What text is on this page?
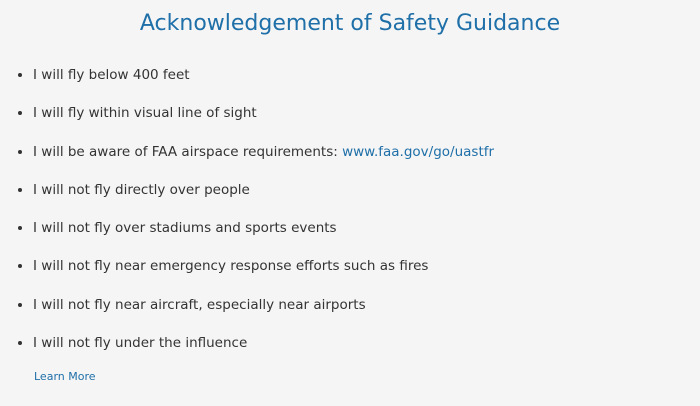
Acknowledgement of Safety Guidance
I will fly below 400 feet
I will fly within visual line of sight
I will be aware of FAA airspace requirements: www.faa.gov/go/uastfr
I will not fly directly over people
I will not fly over stadiums and sports events
I will not fly near emergency response efforts such as fires
I will not fly near aircraft, especially near airports
I will not fly under the influence
Learn More
